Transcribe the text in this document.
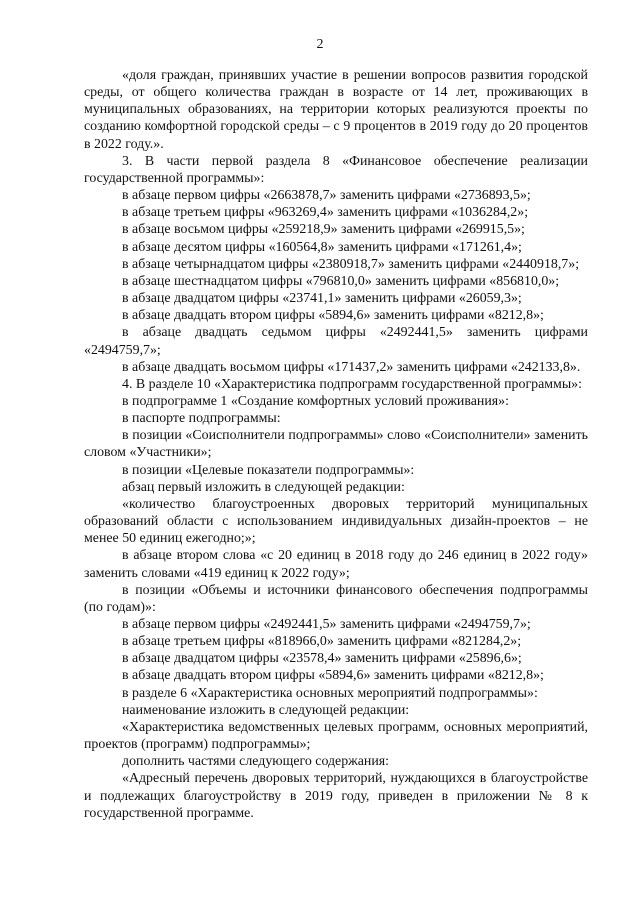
2

«доля граждан, принявших участие в решении вопросов развития городской среды, от общего количества граждан в возрасте от 14 лет, проживающих в муниципальных образованиях, на территории которых реализуются проекты по созданию комфортной городской среды – с 9 процентов в 2019 году до 20 процентов в 2022 году.».

3. В части первой раздела 8 «Финансовое обеспечение реализации государственной программы»:

в абзаце первом цифры «2663878,7» заменить цифрами «2736893,5»;

в абзаце третьем цифры «963269,4» заменить цифрами «1036284,2»;

в абзаце восьмом цифры «259218,9» заменить цифрами «269915,5»;

в абзаце десятом цифры «160564,8» заменить цифрами «171261,4»;

в абзаце четырнадцатом цифры «2380918,7» заменить цифрами «2440918,7»;

в абзаце шестнадцатом цифры «796810,0» заменить цифрами «856810,0»;

в абзаце двадцатом цифры «23741,1» заменить цифрами «26059,3»;

в абзаце двадцать втором цифры «5894,6» заменить цифрами «8212,8»;

в абзаце двадцать седьмом цифры «2492441,5» заменить цифрами «2494759,7»;

в абзаце двадцать восьмом цифры «171437,2» заменить цифрами «242133,8».

4. В разделе 10 «Характеристика подпрограмм государственной программы»:

в подпрограмме 1 «Создание комфортных условий проживания»:

в паспорте подпрограммы:

в позиции «Соисполнители подпрограммы» слово «Соисполнители» заменить словом «Участники»;

в позиции «Целевые показатели подпрограммы»:

абзац первый изложить в следующей редакции:

«количество благоустроенных дворовых территорий муниципальных образований области с использованием индивидуальных дизайн-проектов – не менее 50 единиц ежегодно;»;

в абзаце втором слова «с 20 единиц в 2018 году до 246 единиц в 2022 году» заменить словами «419 единиц к 2022 году»;

в позиции «Объемы и источники финансового обеспечения подпрограммы (по годам)»:

в абзаце первом цифры «2492441,5» заменить цифрами «2494759,7»;

в абзаце третьем цифры «818966,0» заменить цифрами «821284,2»;

в абзаце двадцатом цифры «23578,4» заменить цифрами «25896,6»;

в абзаце двадцать втором цифры «5894,6» заменить цифрами «8212,8»;

в разделе 6 «Характеристика основных мероприятий подпрограммы»:

наименование изложить в следующей редакции:

«Характеристика ведомственных целевых программ, основных мероприятий, проектов (программ) подпрограммы»;

дополнить частями следующего содержания:

«Адресный перечень дворовых территорий, нуждающихся в благоустройстве и подлежащих благоустройству в 2019 году, приведен в приложении № 8 к государственной программе.
